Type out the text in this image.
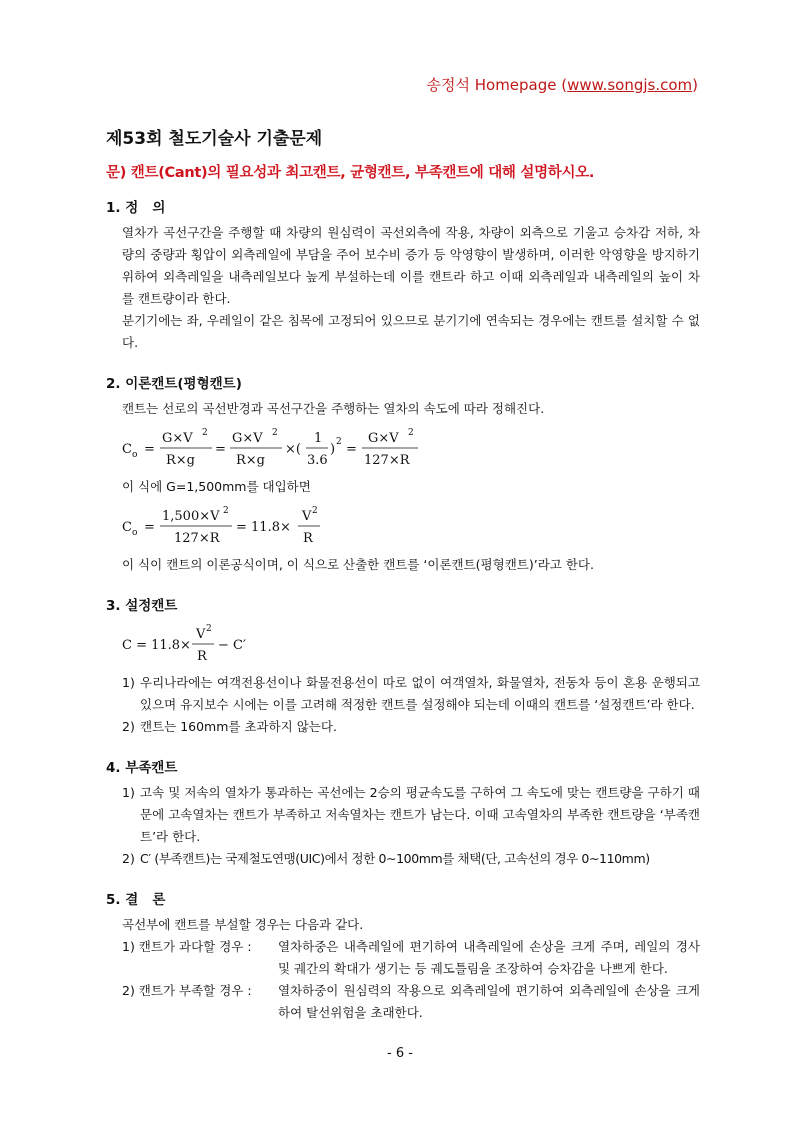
송정석 Homepage (www.songjs.com)
제53회 철도기술사 기출문제
문) 캔트(Cant)의 필요성과 최고캔트, 균형캔트, 부족캔트에 대해 설명하시오.
1. 정   의

열차가 곡선구간을 주행할 때 차량의 원심력이 곡선외측에 작용, 차량이 외측으로 기울고 승차감 저하, 차량의 중량과 횡압이 외측레일에 부담을 주어 보수비 증가 등 악영향이 발생하며, 이러한 악영향을 방지하기 위하여 외측레일을 내측레일보다 높게 부설하는데 이를 캔트라 하고 이때 외측레일과 내측레일의 높이 차를 캔트량이라 한다.

분기기에는 좌, 우레일이 같은 침목에 고정되어 있으므로 분기기에 연속되는 경우에는 캔트를 설치할 수 없다.

2. 이론캔트(평형캔트)

캔트는 선로의 곡선반경과 곡선구간을 주행하는 열차의 속도에 따라 정해진다.

C o =
G×V 2
R×g
=
G×V 2
R×g
×(
1
3.6
) 2 =
G×V 2
127×R

이 식에 G=1,500mm를 대입하면

C o =
1,500×V 2
127×R
= 11.8×
V 2
R

이 식이 캔트의 이론공식이며, 이 식으로 산출한 캔트를 ‘이론캔트(평형캔트)’라고 한다.

3. 설정캔트
C = 11.8×
V 2
R
− C′
1) 우리나라에는 여객전용선이나 화물전용선이 따로 없이 여객열차, 화물열차, 전동차 등이 혼용 운행되고 있으며 유지보수 시에는 이를 고려해 적정한 캔트를 설정해야 되는데 이때의 캔트를 ‘설정캔트’라 한다.
2) 캔트는 160mm를 초과하지 않는다.
4. 부족캔트
1) 고속 및 저속의 열차가 통과하는 곡선에는 2승의 평균속도를 구하여 그 속도에 맞는 캔트량을 구하기 때문에 고속열차는 캔트가 부족하고 저속열차는 캔트가 남는다. 이때 고속열차의 부족한 캔트량을 ‘부족캔트’라 한다.
2) C′ (부족캔트)는 국제철도연맹(UIC)에서 정한 0∼100mm를 채택(단, 고속선의 경우 0∼110mm)
5. 결   론

곡선부에 캔트를 부설할 경우는 다음과 같다.

1) 캔트가 과다할 경우 :	열차하중은 내측레일에 편기하여 내측레일에 손상을 크게 주며, 레일의 경사 및 궤간의 확대가 생기는 등 궤도틀림을 조장하여 승차감을 나쁘게 한다.
2) 캔트가 부족할 경우 :	열차하중이 원심력의 작용으로 외측레일에 편기하여 외측레일에 손상을 크게 하여 탈선위험을 초래한다.
- 6 -
